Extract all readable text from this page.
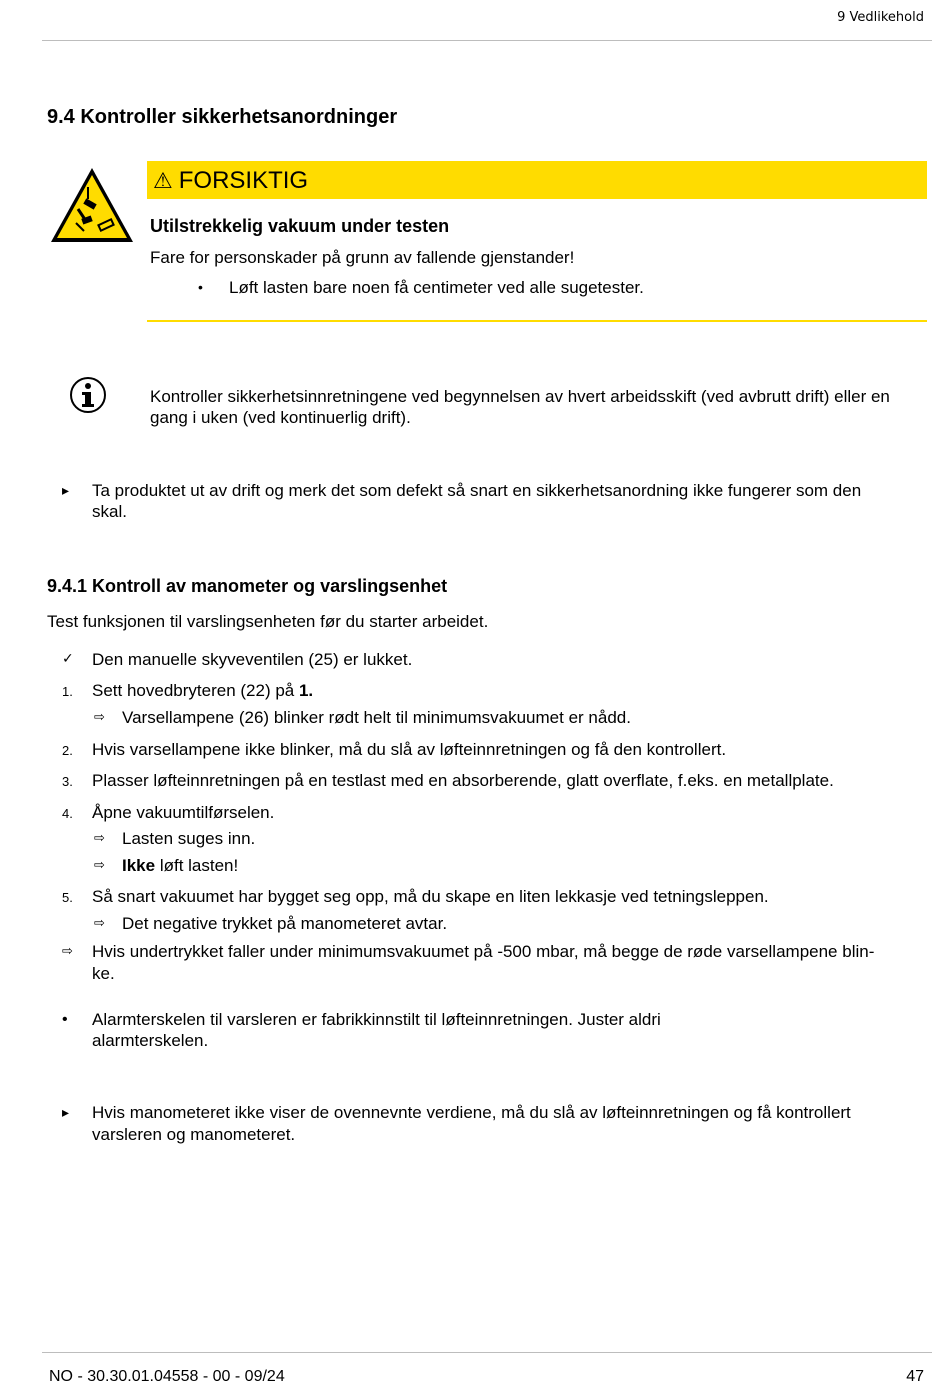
9 Vedlikehold
9.4 Kontroller sikkerhetsanordninger
⚠ FORSIKTIG
Utilstrekkelig vakuum under testen
Fare for personskader på grunn av fallende gjenstander!
• Løft lasten bare noen få centimeter ved alle sugetester.
Kontroller sikkerhetsinnretningene ved begynnelsen av hvert arbeidsskift (ved avbrutt drift) eller en
gang i uken (ved kontinuerlig drift).
▸	Ta produktet ut av drift og merk det som defekt så snart en sikkerhetsanordning ikke fungerer som den
skal.
9.4.1 Kontroll av manometer og varslingsenhet
Test funksjonen til varslingsenheten før du starter arbeidet.
✓	Den manuelle skyveventilen (25) er lukket.
1.	Sett hovedbryteren (22) på 1.
⇨	Varsellampene (26) blinker rødt helt til minimumsvakuumet er nådd.
2.	Hvis varsellampene ikke blinker, må du slå av løfteinnretningen og få den kontrollert.
3.	Plasser løfteinnretningen på en testlast med en absorberende, glatt overflate, f.eks. en metallplate.
4.	Åpne vakuumtilførselen.
⇨	Lasten suges inn.
⇨	Ikke løft lasten!
5.	Så snart vakuumet har bygget seg opp, må du skape en liten lekkasje ved tetningsleppen.
⇨	Det negative trykket på manometeret avtar.
⇨	Hvis undertrykket faller under minimumsvakuumet på -500 mbar, må begge de røde varsellampene blin-
ke.
•	Alarmterskelen til varsleren er fabrikkinnstilt til løfteinnretningen. Juster aldri
alarmterskelen.
▸	Hvis manometeret ikke viser de ovennevnte verdiene, må du slå av løfteinnretningen og få kontrollert
varsleren og manometeret.
NO - 30.30.01.04558 - 00 - 09/24	47
